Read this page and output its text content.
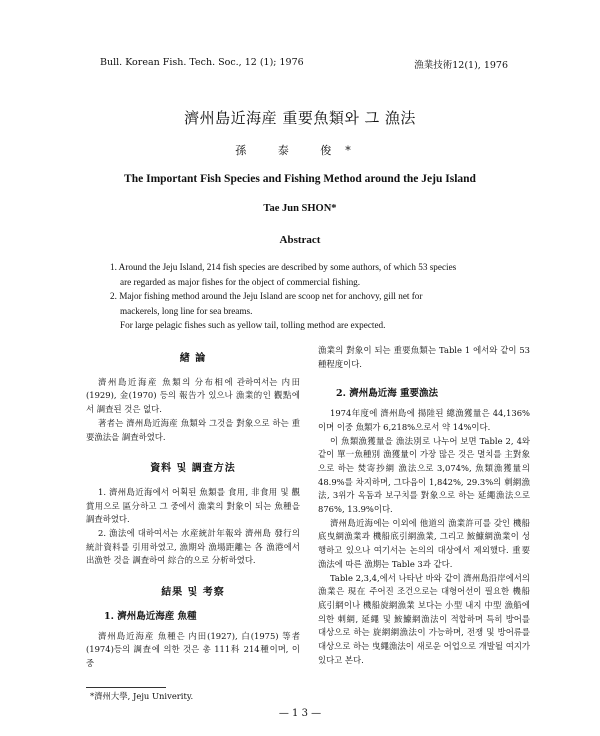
Bull. Korean Fish. Tech. Soc., 12 (1); 1976	漁業技術12(1), 1976
濟州島近海産 重要魚類와 그 漁法
孫 泰 俊*
The Important Fish Species and Fishing Method around the Jeju Island
Tae Jun SHON*
Abstract

1. Around the Jeju Island, 214 fish species are described by some authors, of which 53 species

are regarded as major fishes for the object of commercial fishing.

2. Major fishing method around the Jeju Island are scoop net for anchovy, gill net for

mackerels, long line for sea breams.

For large pelagic fishes such as yellow tail, tolling method are expected.

緖 論

濟州島近海産 魚類의 分布相에 관하여서는 内田(1929), 金(1970) 등의 報告가 있으나 漁業的인 觀點에서 調査된 것은 없다.

著者는 濟州島近海産 魚類와 그것을 對象으로 하는 重要漁法을 調査하였다.

資料 및 調査方法

1. 濟州島近海에서 어획된 魚類를 食用, 非食用 및 觀賞用으로 區分하고 그 중에서 漁業의 對象이 되는 魚種을 調査하였다.

2. 漁法에 대하여서는 水産統計年報와 濟州島 發行의 統計資料를 引用하였고, 漁期와 漁場距離는 各 漁港에서 出漁한 것을 調査하여 綜合的으로 分析하였다.

結果 및 考察
1. 濟州島近海産 魚種

濟州島近海産 魚種은 内田(1927), 白(1975) 等者(1974)등의 調査에 의한 것은 총 111科 214種이며, 이 중

漁業의 對象이 되는 重要魚類는 Table 1 에서와 같이 53種程度이다.

2. 濟州島近海 重要漁法

1974年度에 濟州島에 揚陸된 總漁獲量은 44,136%이며 이중 魚類가 6,218%으로서 약 14%이다.

이 魚類漁獲量을 漁法別로 나누어 보면 Table 2, 4와 같이 單一魚種別 漁獲量이 가장 많은 것은 멸치를 主對象으로 하는 焚寄抄網 漁法으로 3,074%, 魚類漁獲量의 48.9%를 차지하며, 그다음이 1,842%, 29.3%의 刺網漁法, 3위가 옥돔과 보구치를 對象으로 하는 延繩漁法으로 876%, 13.9%이다.

濟州島近海에는 이외에 他道의 漁業許可를 갖인 機船底曳網漁業과 機船底引網漁業, 그리고 鮟鱇網漁業이 성행하고 있으나 여기서는 논의의 대상에서 제외했다. 重要漁法에 따른 漁期는 Table 3과 같다.

Table 2,3,4,에서 나타난 바와 같이 濟州島沿岸에서의 漁業은 現在 주어진 조건으로는 대형어선이 필요한 機船底引網이나 機船旋網漁業 보다는 小型 내지 中型 漁船에 의한 刺網, 延繩 및 鮟鱇網漁法이 적합하며 특히 방어를 대상으로 하는 旋網網漁法이 가능하며, 전쟁 및 방어류를 대상으로 하는 曳繩漁法이 새로운 어업으로 개발될 여지가 있다고 본다.

*濟州大學, Jeju Univerity.
— 1 3 —
